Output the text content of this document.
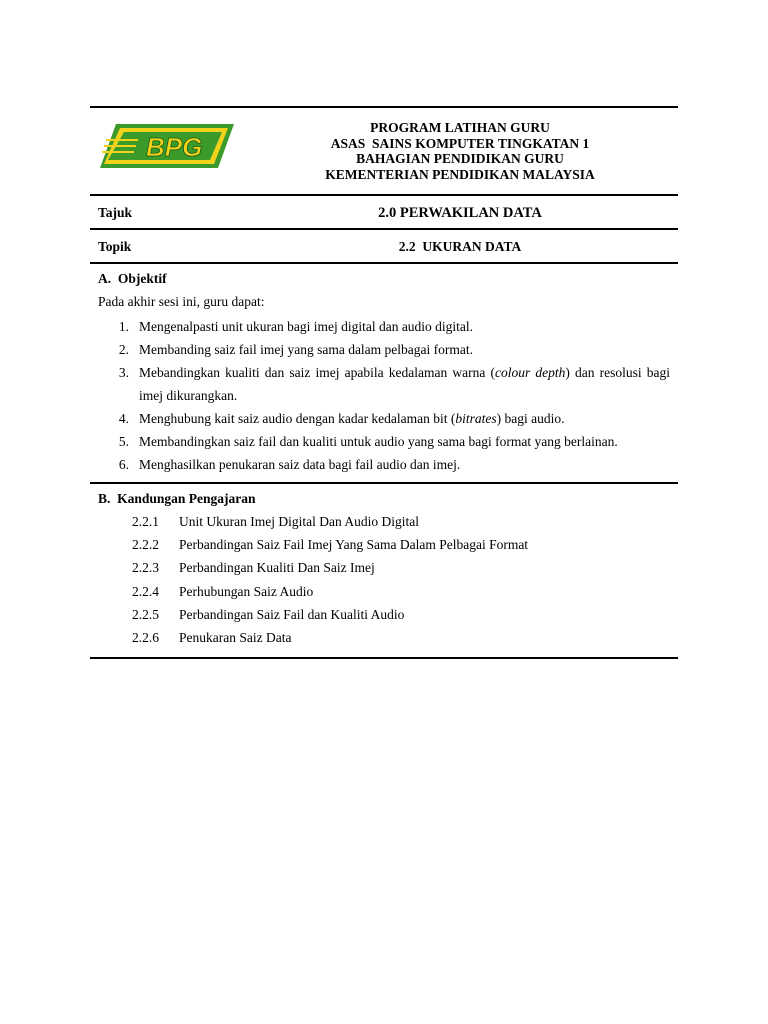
BPG
PROGRAM LATIHAN GURU
ASAS  SAINS KOMPUTER TINGKATAN 1
BAHAGIAN PENDIDIKAN GURU
KEMENTERIAN PENDIDIKAN MALAYSIA
Tajuk	2.0 PERWAKILAN DATA
Topik	2.2  UKURAN DATA
A.  Objektif
Pada akhir sesi ini, guru dapat:
1. Mengenalpasti unit ukuran bagi imej digital dan audio digital.
2. Membanding saiz fail imej yang sama dalam pelbagai format.
3. Mebandingkan kualiti dan saiz imej apabila kedalaman warna (colour depth) dan resolusi bagi imej dikurangkan.
4. Menghubung kait saiz audio dengan kadar kedalaman bit (bitrates) bagi audio.
5. Membandingkan saiz fail dan kualiti untuk audio yang sama bagi format yang berlainan.
6. Menghasilkan penukaran saiz data bagi fail audio dan imej.
B.  Kandungan Pengajaran
2.2.1 Unit Ukuran Imej Digital Dan Audio Digital
2.2.2 Perbandingan Saiz Fail Imej Yang Sama Dalam Pelbagai Format
2.2.3 Perbandingan Kualiti Dan Saiz Imej
2.2.4 Perhubungan Saiz Audio
2.2.5 Perbandingan Saiz Fail dan Kualiti Audio
2.2.6 Penukaran Saiz Data
